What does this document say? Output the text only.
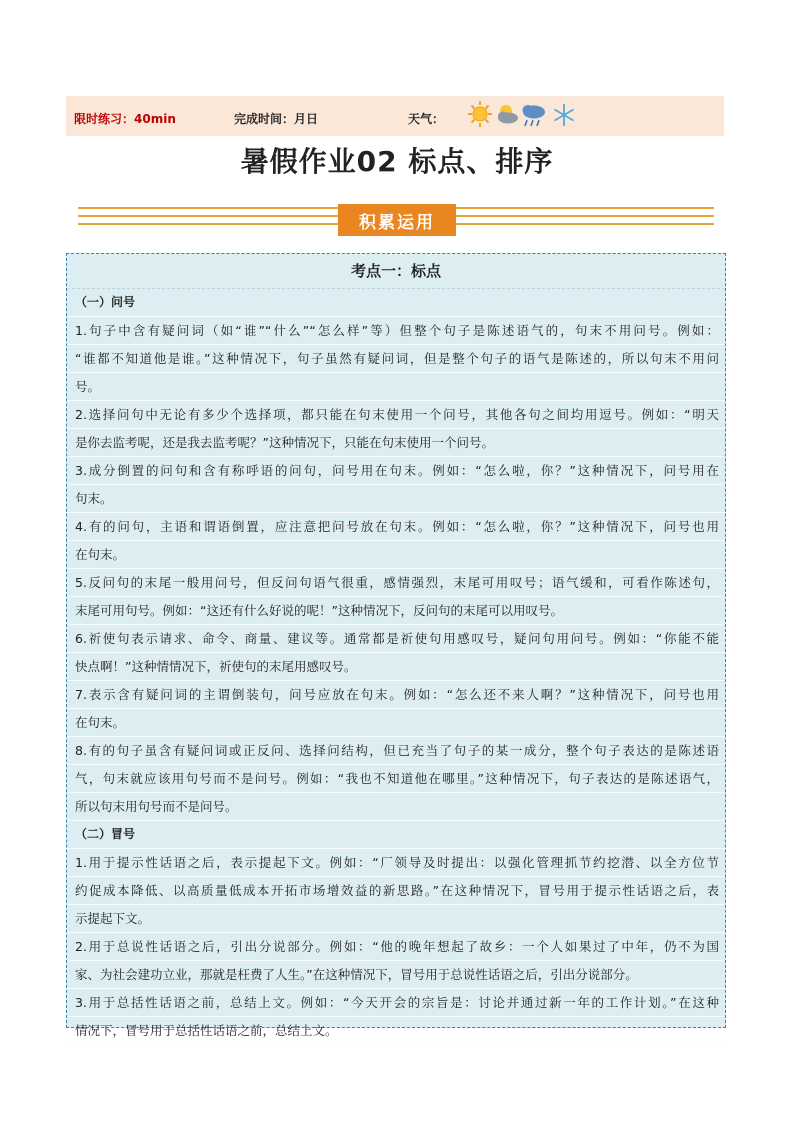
限时练习：40min	完成时间：月日	天气：
暑假作业02 标点、排序
积累运用
考点一：标点
（一）问号
1.句子中含有疑问词（如“谁”“什么”“怎么样”等）但整个句子是陈述语气的，句末不用问号。例如：
“谁都不知道他是谁。”这种情况下，句子虽然有疑问词，但是整个句子的语气是陈述的，所以句末不用问
号。
2.选择问句中无论有多少个选择项，都只能在句末使用一个问号，其他各句之间均用逗号。例如：“明天
是你去监考呢，还是我去监考呢？”这种情况下，只能在句末使用一个问号。
3.成分倒置的问句和含有称呼语的问句，问号用在句末。例如：“怎么啦，你？”这种情况下，问号用在
句末。
4.有的问句，主语和谓语倒置，应注意把问号放在句末。例如：“怎么啦，你？”这种情况下，问号也用
在句末。
5.反问句的末尾一般用问号，但反问句语气很重，感情强烈，末尾可用叹号；语气缓和，可看作陈述句，
末尾可用句号。例如：“这还有什么好说的呢！”这种情况下，反问句的末尾可以用叹号。
6.祈使句表示请求、命令、商量、建议等。通常都是祈使句用感叹号，疑问句用问号。例如：“你能不能
快点啊！”这种情情况下，祈使句的末尾用感叹号。
7.表示含有疑问词的主谓倒装句，问号应放在句末。例如：“怎么还不来人啊？”这种情况下，问号也用
在句末。
8.有的句子虽含有疑问词或正反问、选择问结构，但已充当了句子的某一成分，整个句子表达的是陈述语
气，句末就应该用句号而不是问号。例如：“我也不知道他在哪里。”这种情况下，句子表达的是陈述语气，
所以句末用句号而不是问号。
（二）冒号
1.用于提示性话语之后，表示提起下文。例如：“厂领导及时提出：以强化管理抓节约挖潜、以全方位节
约促成本降低、以高质量低成本开拓市场增效益的新思路。”在这种情况下，冒号用于提示性话语之后，表
示提起下文。
2.用于总说性话语之后，引出分说部分。例如：“他的晚年想起了故乡：一个人如果过了中年，仍不为国
家、为社会建功立业，那就是枉费了人生。”在这种情况下，冒号用于总说性话语之后，引出分说部分。
3.用于总括性话语之前，总结上文。例如：“今天开会的宗旨是：讨论并通过新一年的工作计划。”在这种
情况下，冒号用于总括性话语之前，总结上文。
